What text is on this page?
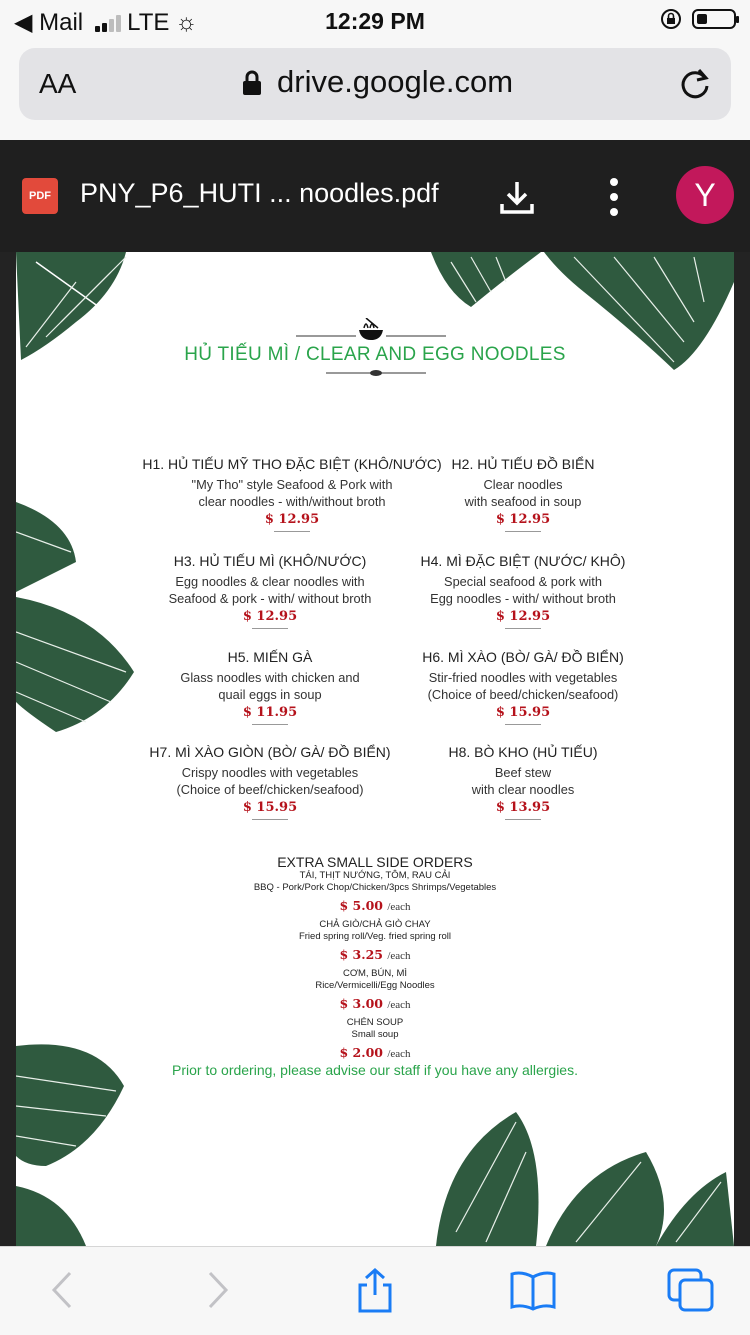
◀ Mail LTE ☼	12:29 PM
AA	drive.google.com
PDF PNY_P6_HUTI ... noodles.pdf	Y
HỦ TIẾU MÌ / CLEAR AND EGG NOODLES
H1. HỦ TIẾU MỸ THO ĐẶC BIỆT (KHÔ/NƯỚC)
"My Tho" style Seafood & Pork with
clear noodles - with/without broth
$ 12.95
H2. HỦ TIẾU ĐỒ BIỂN
Clear noodles
with seafood in soup
$ 12.95
H3. HỦ TIẾU MÌ (KHÔ/NƯỚC)
Egg noodles & clear noodles with
Seafood & pork - with/ without broth
$ 12.95
H4. MÌ ĐẶC BIỆT (NƯỚC/ KHÔ)
Special seafood & pork with
Egg noodles - with/ without broth
$ 12.95
H5. MIẾN GÀ
Glass noodles with chicken and
quail eggs in soup
$ 11.95
H6. MÌ XÀO (BÒ/ GÀ/ ĐỒ BIỂN)
Stir-fried noodles with vegetables
(Choice of beed/chicken/seafood)
$ 15.95
H7. MÌ XÀO GIÒN (BÒ/ GÀ/ ĐỒ BIỂN)
Crispy noodles with vegetables
(Choice of beef/chicken/seafood)
$ 15.95
H8. BÒ KHO (HỦ TIẾU)
Beef stew
with clear noodles
$ 13.95
EXTRA SMALL SIDE ORDERS
TÁI, THỊT NƯỚNG, TÔM, RAU CẢI
BBQ - Pork/Pork Chop/Chicken/3pcs Shrimps/Vegetables
$ 5.00 /each
CHẢ GIÒ/CHẢ GIÒ CHAY
Fried spring roll/Veg. fried spring roll
$ 3.25 /each
CƠM, BÚN, MÌ
Rice/Vermicelli/Egg Noodles
$ 3.00 /each
CHÉN SOUP
Small soup
$ 2.00 /each
Prior to ordering, please advise our staff if you have any allergies.
